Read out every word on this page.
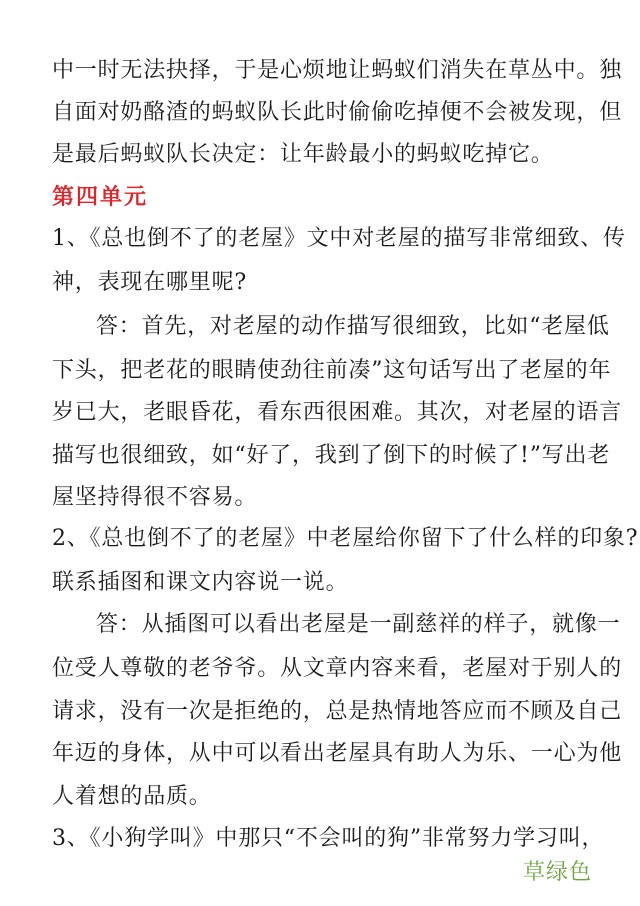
中一时无法抉择，于是心烦地让蚂蚁们消失在草丛中。独
自面对奶酪渣的蚂蚁队长此时偷偷吃掉便不会被发现，但
是最后蚂蚁队长决定：让年龄最小的蚂蚁吃掉它。
第四单元
1、《总也倒不了的老屋》文中对老屋的描写非常细致、传
神，表现在哪里呢?
答：首先，对老屋的动作描写很细致，比如“老屋低
下头，把老花的眼睛使劲往前凑”这句话写出了老屋的年
岁已大，老眼昏花，看东西很困难。其次，对老屋的语言
描写也很细致，如“好了，我到了倒下的时候了!”写出老
屋坚持得很不容易。
2、《总也倒不了的老屋》中老屋给你留下了什么样的印象?
联系插图和课文内容说一说。
答：从插图可以看出老屋是一副慈祥的样子，就像一
位受人尊敬的老爷爷。从文章内容来看，老屋对于别人的
请求，没有一次是拒绝的，总是热情地答应而不顾及自己
年迈的身体，从中可以看出老屋具有助人为乐、一心为他
人着想的品质。
3、《小狗学叫》中那只“不会叫的狗”非常努力学习叫，
草绿色
